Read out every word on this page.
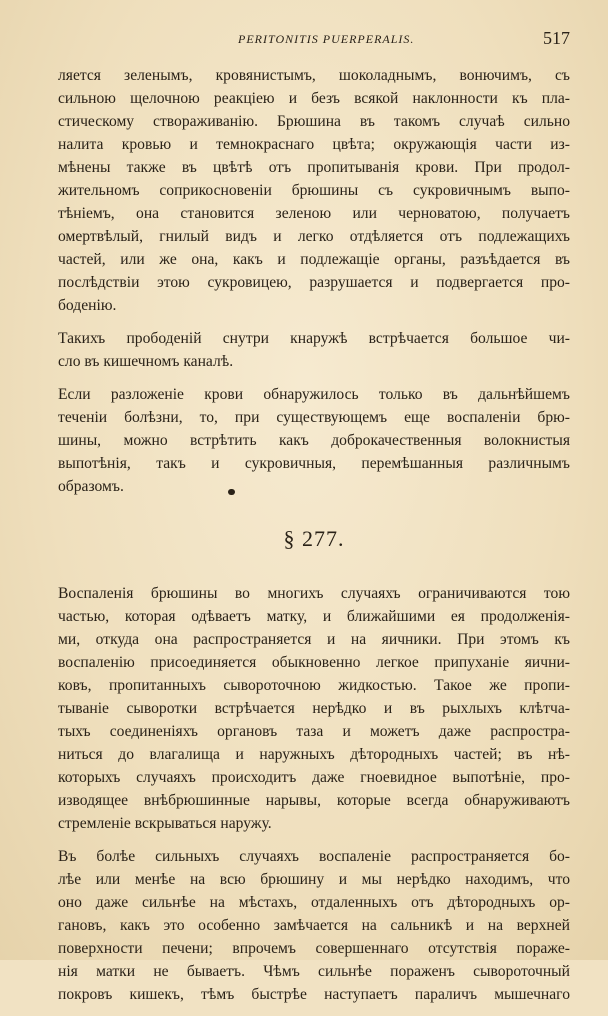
PERITONITIS PUERPERALIS.	517
ляется зеленымъ, кровянистымъ, шоколаднымъ, вонючимъ, съ
сильною щелочною реакціею и безъ всякой наклонности къ пла-
стическому створаживанію. Брюшина въ такомъ случаѣ сильно
налита кровью и темнокраснаго цвѣта; окружающія части из-
мѣнены также въ цвѣтѣ отъ пропитыванія крови. При продол-
жительномъ соприкосновеніи брюшины съ сукровичнымъ выпо-
тѣніемъ, она становится зеленою или черноватою, получаетъ
омертвѣлый, гнилый видъ и легко отдѣляется отъ подлежащихъ
частей, или же она, какъ и подлежащіе органы, разъѣдается въ
послѣдствіи этою сукровицею, разрушается и подвергается про-
боденію.
Такихъ прободеній снутри кнаружѣ встрѣчается большое чи-
сло въ кишечномъ каналѣ.
Если разложеніе крови обнаружилось только въ дальнѣйшемъ
теченіи болѣзни, то, при существующемъ еще воспаленіи брю-
шины, можно встрѣтить какъ доброкачественныя волокнистыя
выпотѣнія, такъ и сукровичныя, перемѣшанныя различнымъ
образомъ.
§ 277.
Воспаленія брюшины во многихъ случаяхъ ограничиваются тою
частью, которая одѣваетъ матку, и ближайшими ея продолженія-
ми, откуда она распространяется и на яичники. При этомъ къ
воспаленію присоединяется обыкновенно легкое припуханіе яични-
ковъ, пропитанныхъ сывороточною жидкостью. Такое же пропи-
тываніе сыворотки встрѣчается нерѣдко и въ рыхлыхъ клѣтча-
тыхъ соединеніяхъ органовъ таза и можетъ даже распростра-
ниться до влагалища и наружныхъ дѣтородныхъ частей; въ нѣ-
которыхъ случаяхъ происходитъ даже гноевидное выпотѣніе, про-
изводящее внѣбрюшинные нарывы, которые всегда обнаруживаютъ
стремленіе вскрываться наружу.
Въ болѣе сильныхъ случаяхъ воспаленіе распространяется бо-
лѣе или менѣе на всю брюшину и мы нерѣдко находимъ, что
оно даже сильнѣе на мѣстахъ, отдаленныхъ отъ дѣтородныхъ ор-
гановъ, какъ это особенно замѣчается на сальникѣ и на верхней
поверхности печени; впрочемъ совершеннаго отсутствія пораже-
нія матки не бываетъ. Чѣмъ сильнѣе пораженъ сывороточный
покровъ кишекъ, тѣмъ быстрѣе наступаетъ параличъ мышечнаго
